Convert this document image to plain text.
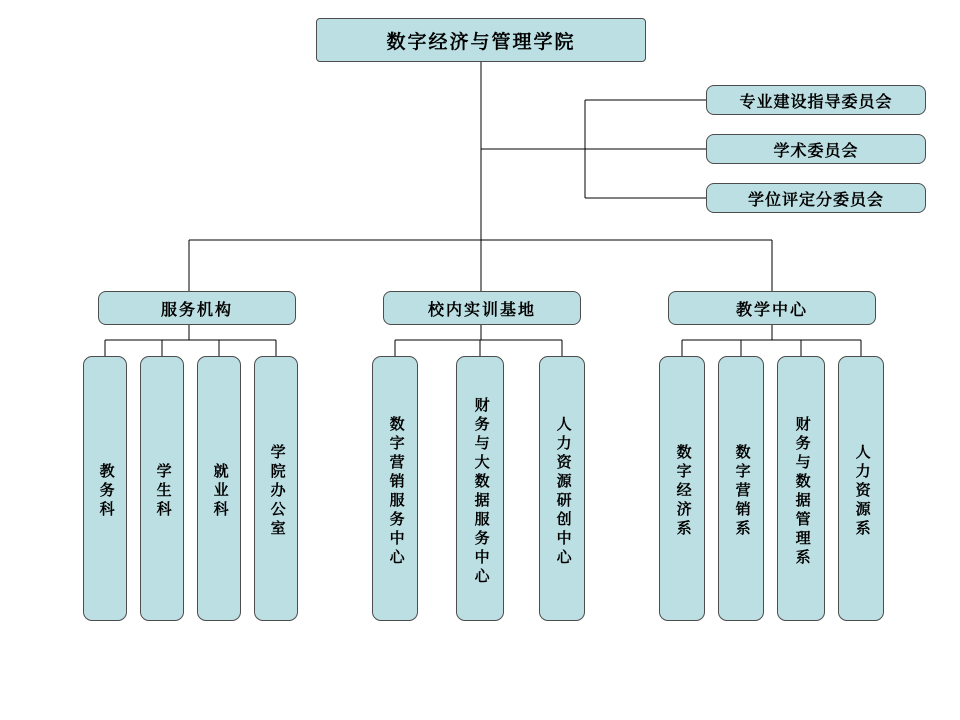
数字经济与管理学院
专业建设指导委员会
学术委员会
学位评定分委员会
服务机构
教务科	学生科	就业科	学院办公室
校内实训基地
数字营销服务中心	财务与大数据服务中心	人力资源研创中心
教学中心
数字经济系	数字营销系	财务与数据管理系	人力资源系
